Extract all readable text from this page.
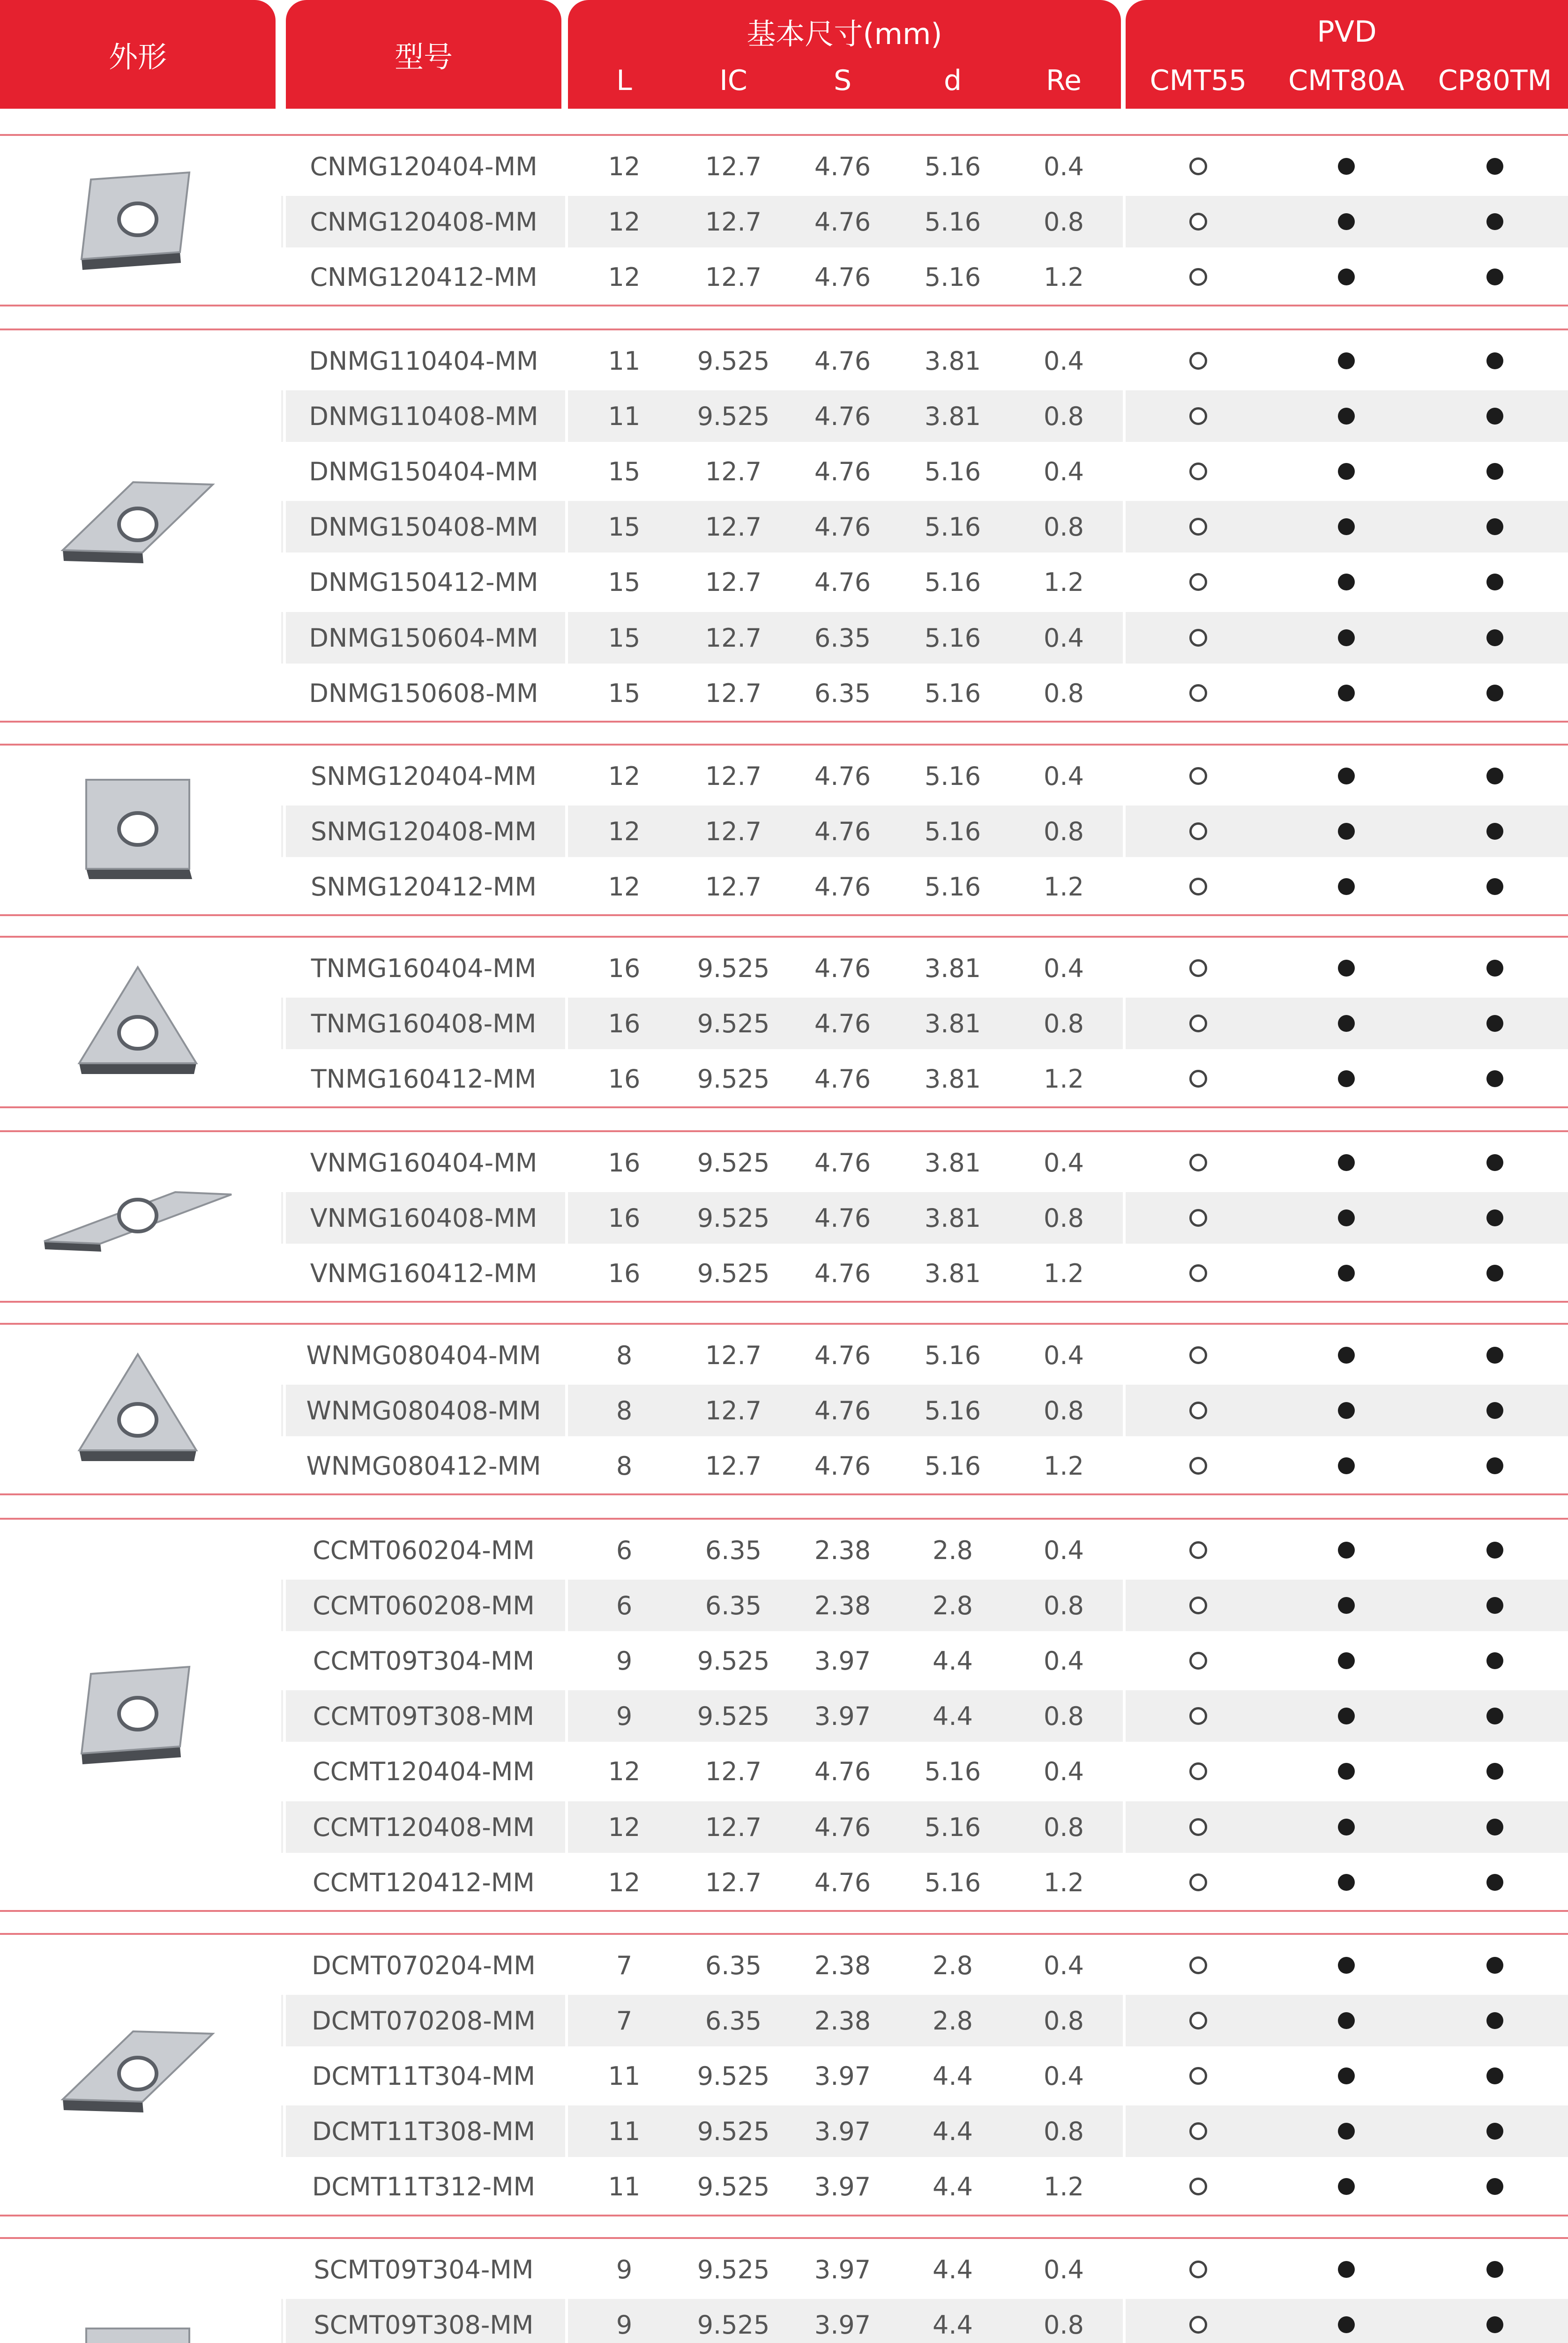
外形	型号
基本尺寸(mm)
L	IC	S	d	Re
PVD
CMT55	CMT80A	CP80TM
CNMG120404-MM	12	12.7	4.76	5.16	0.4
CNMG120408-MM	12	12.7	4.76	5.16	0.8
CNMG120412-MM	12	12.7	4.76	5.16	1.2
DNMG110404-MM	11	9.525	4.76	3.81	0.4
DNMG110408-MM	11	9.525	4.76	3.81	0.8
DNMG150404-MM	15	12.7	4.76	5.16	0.4
DNMG150408-MM	15	12.7	4.76	5.16	0.8
DNMG150412-MM	15	12.7	4.76	5.16	1.2
DNMG150604-MM	15	12.7	6.35	5.16	0.4
DNMG150608-MM	15	12.7	6.35	5.16	0.8
SNMG120404-MM	12	12.7	4.76	5.16	0.4
SNMG120408-MM	12	12.7	4.76	5.16	0.8
SNMG120412-MM	12	12.7	4.76	5.16	1.2
TNMG160404-MM	16	9.525	4.76	3.81	0.4
TNMG160408-MM	16	9.525	4.76	3.81	0.8
TNMG160412-MM	16	9.525	4.76	3.81	1.2
VNMG160404-MM	16	9.525	4.76	3.81	0.4
VNMG160408-MM	16	9.525	4.76	3.81	0.8
VNMG160412-MM	16	9.525	4.76	3.81	1.2
WNMG080404-MM	8	12.7	4.76	5.16	0.4
WNMG080408-MM	8	12.7	4.76	5.16	0.8
WNMG080412-MM	8	12.7	4.76	5.16	1.2
CCMT060204-MM	6	6.35	2.38	2.8	0.4
CCMT060208-MM	6	6.35	2.38	2.8	0.8
CCMT09T304-MM	9	9.525	3.97	4.4	0.4
CCMT09T308-MM	9	9.525	3.97	4.4	0.8
CCMT120404-MM	12	12.7	4.76	5.16	0.4
CCMT120408-MM	12	12.7	4.76	5.16	0.8
CCMT120412-MM	12	12.7	4.76	5.16	1.2
DCMT070204-MM	7	6.35	2.38	2.8	0.4
DCMT070208-MM	7	6.35	2.38	2.8	0.8
DCMT11T304-MM	11	9.525	3.97	4.4	0.4
DCMT11T308-MM	11	9.525	3.97	4.4	0.8
DCMT11T312-MM	11	9.525	3.97	4.4	1.2
SCMT09T304-MM	9	9.525	3.97	4.4	0.4
SCMT09T308-MM	9	9.525	3.97	4.4	0.8
